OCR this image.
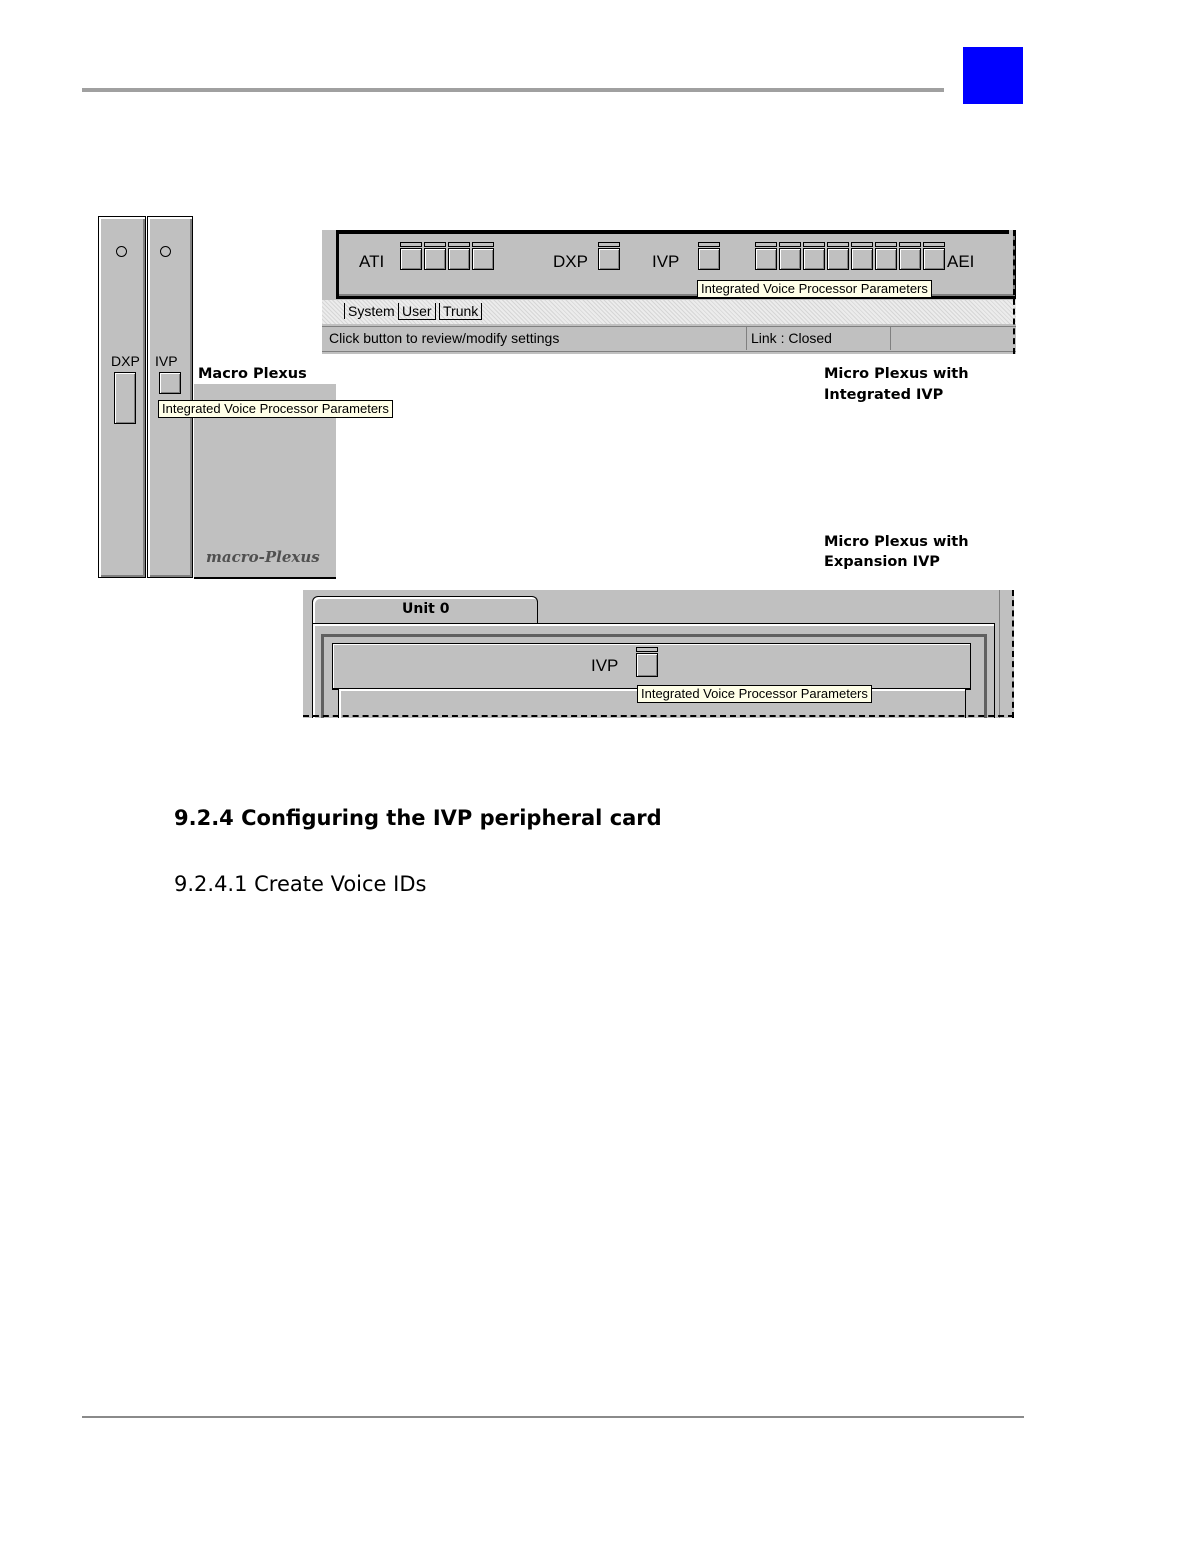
DXP IVP
macro-Plexus
Macro Plexus
Integrated Voice Processor Parameters
ATI	DXP	IVP	AEI
Integrated Voice Processor Parameters
System User Trunk
Click button to review/modify settings	Link : Closed
Micro Plexus with
Integrated IVP
Micro Plexus with
Expansion IVP
Unit 0
IVP
Integrated Voice Processor Parameters
9.2.4 Configuring the IVP peripheral card
9.2.4.1 Create Voice IDs
